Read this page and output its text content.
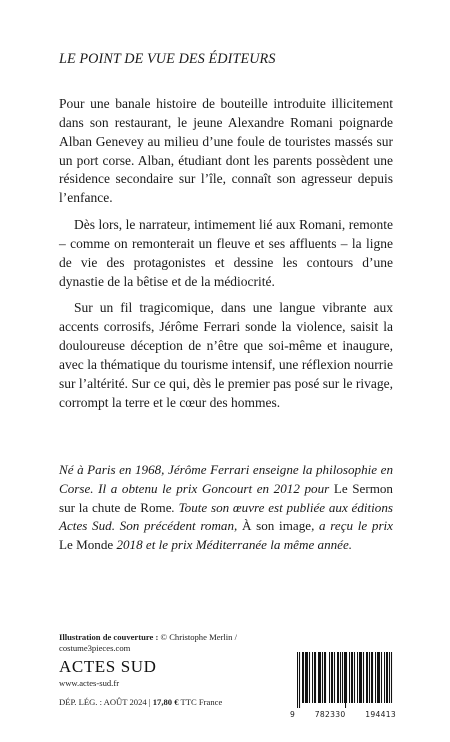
LE POINT DE VUE DES ÉDITEURS

Pour une banale histoire de bouteille introduite illicitement dans son restaurant, le jeune Alexandre Romani poignarde Alban Genevey au milieu d’une foule de touristes massés sur un port corse. Alban, étudiant dont les parents possèdent une résidence secondaire sur l’île, connaît son agresseur depuis l’enfance.

Dès lors, le narrateur, intimement lié aux Romani, remonte – comme on remonterait un fleuve et ses affluents – la ligne de vie des protagonistes et dessine les contours d’une dynastie de la bêtise et de la médiocrité.

Sur un fil tragicomique, dans une langue vibrante aux accents corrosifs, Jérôme Ferrari sonde la violence, saisit la douloureuse déception de n’être que soi-même et inaugure, avec la thématique du tourisme intensif, une réflexion nourrie sur l’altérité. Sur ce qui, dès le premier pas posé sur le rivage, corrompt la terre et le cœur des hommes.

Né à Paris en 1968, Jérôme Ferrari enseigne la philosophie en Corse. Il a obtenu le prix Goncourt en 2012 pour Le Sermon sur la chute de Rome. Toute son œuvre est publiée aux éditions Actes Sud. Son précédent roman, À son image, a reçu le prix Le Monde 2018 et le prix Méditerranée la même année.
Illustration de couverture : © Christophe Merlin / costume3pieces.com
ACTES SUD
www.actes-sud.fr
DÉP. LÉG. : AOÛT 2024 | 17,80 € TTC France
9	782330	194413
